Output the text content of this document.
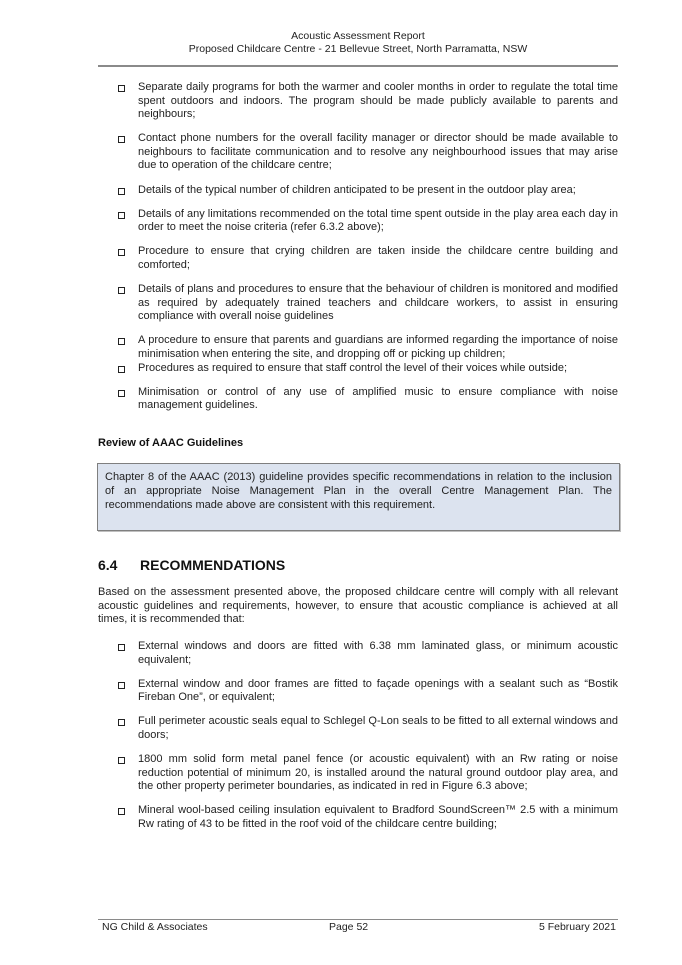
Acoustic Assessment Report
Proposed Childcare Centre - 21 Bellevue Street, North Parramatta, NSW
Separate daily programs for both the warmer and cooler months in order to regulate the total time spent outdoors and indoors. The program should be made publicly available to parents and neighbours;
Contact phone numbers for the overall facility manager or director should be made available to neighbours to facilitate communication and to resolve any neighbourhood issues that may arise due to operation of the childcare centre;
Details of the typical number of children anticipated to be present in the outdoor play area;
Details of any limitations recommended on the total time spent outside in the play area each day in order to meet the noise criteria (refer 6.3.2 above);
Procedure to ensure that crying children are taken inside the childcare centre building and comforted;
Details of plans and procedures to ensure that the behaviour of children is monitored and modified as required by adequately trained teachers and childcare workers, to assist in ensuring compliance with overall noise guidelines
A procedure to ensure that parents and guardians are informed regarding the importance of noise minimisation when entering the site, and dropping off or picking up children;
Procedures as required to ensure that staff control the level of their voices while outside;
Minimisation or control of any use of amplified music to ensure compliance with noise management guidelines.
Review of AAAC Guidelines
Chapter 8 of the AAAC (2013) guideline provides specific recommendations in relation to the inclusion of an appropriate Noise Management Plan in the overall Centre Management Plan. The recommendations made above are consistent with this requirement.
6.4 RECOMMENDATIONS
Based on the assessment presented above, the proposed childcare centre will comply with all relevant acoustic guidelines and requirements, however, to ensure that acoustic compliance is achieved at all times, it is recommended that:
External windows and doors are fitted with 6.38 mm laminated glass, or minimum acoustic equivalent;
External window and door frames are fitted to façade openings with a sealant such as “Bostik Fireban One”, or equivalent;
Full perimeter acoustic seals equal to Schlegel Q-Lon seals to be fitted to all external windows and doors;
1800 mm solid form metal panel fence (or acoustic equivalent) with an Rw rating or noise reduction potential of minimum 20, is installed around the natural ground outdoor play area, and the other property perimeter boundaries, as indicated in red in Figure 6.3 above;
Mineral wool-based ceiling insulation equivalent to Bradford SoundScreen™ 2.5 with a minimum Rw rating of 43 to be fitted in the roof void of the childcare centre building;
NG Child & Associates	Page 52	5 February 2021
